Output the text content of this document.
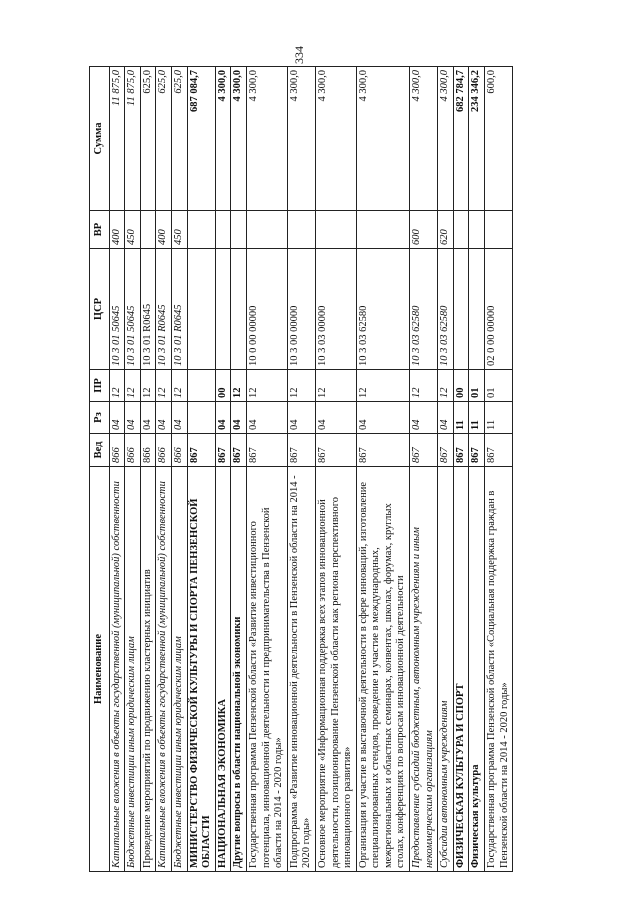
334
Наименование	Вед	Рз	ПР	ЦСР	ВР	Сумма
Капитальные вложения в объекты государственной (муниципальной) собственности	866	04	12	10 3 01 50645	400	11 875,0
Бюджетные инвестиции иным юридическим лицам	866	04	12	10 3 01 50645	450	11 875,0
Проведение мероприятий по продвижению кластерных инициатив	866	04	12	10 3 01 R0645		625,0
Капитальные вложения в объекты государственной (муниципальной) собственности	866	04	12	10 3 01 R0645	400	625,0
Бюджетные инвестиции иным юридическим лицам	866	04	12	10 3 01 R0645	450	625,0
МИНИСТЕРСТВО ФИЗИЧЕСКОЙ КУЛЬТУРЫ И СПОРТА ПЕНЗЕНСКОЙ ОБЛАСТИ	867					687 084,7
НАЦИОНАЛЬНАЯ ЭКОНОМИКА	867	04	00			4 300,0
Другие вопросы в области национальной экономики	867	04	12			4 300,0
Государственная программа Пензенской области «Развитие инвестиционного потенциала, инновационной деятельности и предпринимательства в Пензенской области на 2014 - 2020 годы»	867	04	12	10 0 00 00000		4 300,0
Подпрограмма «Развитие инновационной деятельности в Пензенской области на 2014 - 2020 годы»	867	04	12	10 3 00 00000		4 300,0
Основное мероприятие «Информационная поддержка всех этапов инновационной деятельности, позиционирование Пензенской области как региона перспективного инновационного развития»	867	04	12	10 3 03 00000		4 300,0
Организация и участие в выставочной деятельности в сфере инноваций, изготовление специализированных стендов, проведение и участие в международных, межрегиональных и областных семинарах, конвентах, школах, форумах, круглых столах, конференциях по вопросам инновационной деятельности	867	04	12	10 3 03 62580		4 300,0
Предоставление субсидий бюджетным, автономным учреждениям и иным некоммерческим организациям	867	04	12	10 3 03 62580	600	4 300,0
Субсидии автономным учреждениям	867	04	12	10 3 03 62580	620	4 300,0
ФИЗИЧЕСКАЯ КУЛЬТУРА И СПОРТ	867	11	00			682 784,7
Физическая культура	867	11	01			234 346,2
Государственная программа Пензенской области «Социальная поддержка граждан в Пензенской области на 2014 - 2020 годы»	867	11	01	02 0 00 00000		600,0
